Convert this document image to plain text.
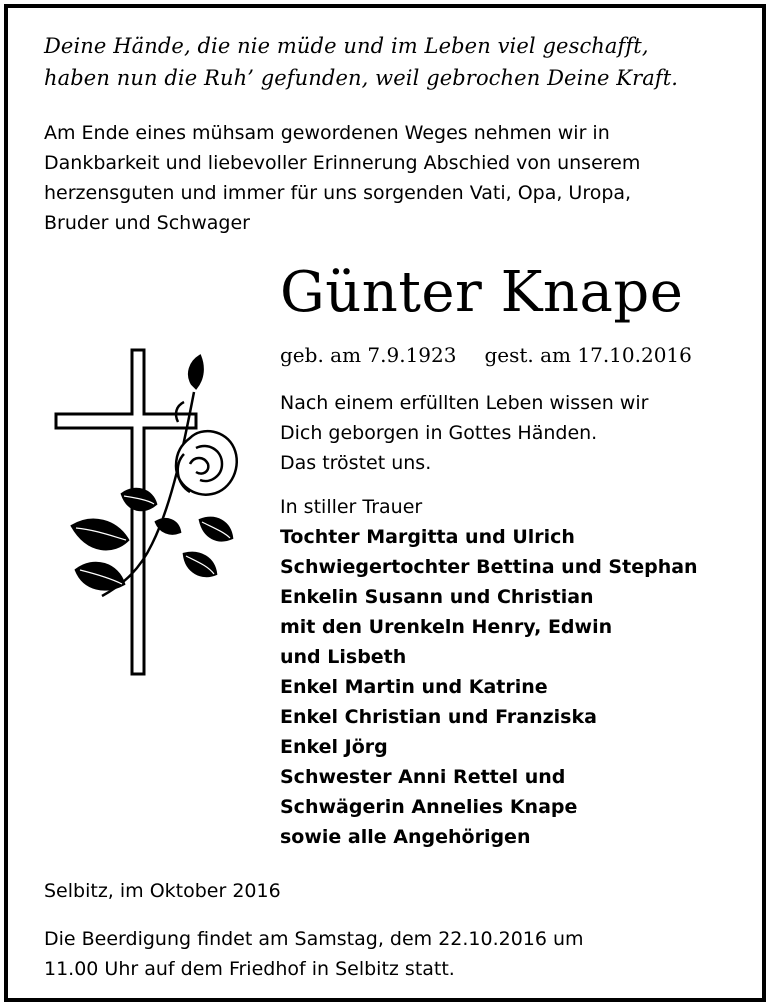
Deine Hände, die nie müde und im Leben viel geschafft,
haben nun die Ruh’ gefunden, weil gebrochen Deine Kraft.
Am Ende eines mühsam gewordenen Weges nehmen wir in
Dankbarkeit und liebevoller Erinnerung Abschied von unserem
herzensguten und immer für uns sorgenden Vati, Opa, Uropa,
Bruder und Schwager
Günter Knape
geb. am 7.9.1923 gest. am 17.10.2016
Nach einem erfüllten Leben wissen wir
Dich geborgen in Gottes Händen.
Das tröstet uns.
In stiller Trauer
Tochter Margitta und Ulrich
Schwiegertochter Bettina und Stephan
Enkelin Susann und Christian
mit den Urenkeln Henry, Edwin
und Lisbeth
Enkel Martin und Katrine
Enkel Christian und Franziska
Enkel Jörg
Schwester Anni Rettel und
Schwägerin Annelies Knape
sowie alle Angehörigen
Selbitz, im Oktober 2016
Die Beerdigung findet am Samstag, dem 22.10.2016 um
11.00 Uhr auf dem Friedhof in Selbitz statt.
